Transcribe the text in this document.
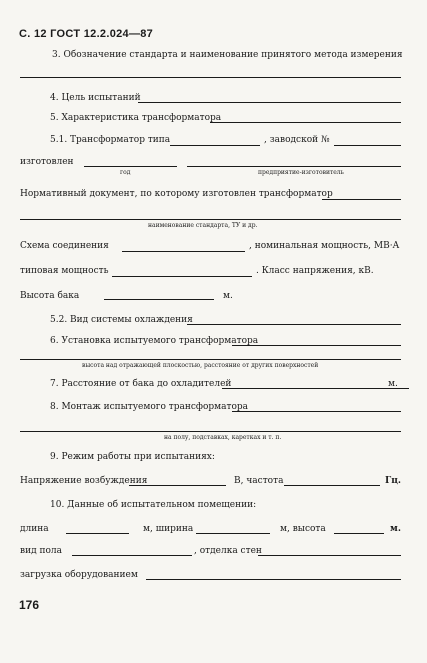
С. 12 ГОСТ 12.2.024—87
3. Обозначение стандарта и наименование принятого метода измерения
4. Цель испытаний
5. Характеристика трансформатора
5.1. Трансформатор типа	, заводской №
изготовлен
год	предприятие-изготовитель
Нормативный документ, по которому изготовлен трансформатор
наименование стандарта, ТУ и др.
Схема соединения	, номинальная мощность, МВ·А
типовая мощность	. Класс напряжения, кВ.
Высота бака	м.
5.2. Вид системы охлаждения
6. Установка испытуемого трансформатора
высота над отражающей плоскостью, расстояние от других поверхностей
7. Расстояние от бака до охладителей	м.
8. Монтаж испытуемого трансформатора
на полу, подставках, каретках и т. п.
9. Режим работы при испытаниях:
Напряжение возбуждения	В, частота	Гц.
10. Данные об испытательном помещении:
длина	м, ширина	м, высота	м.
вид пола	, отделка стен
загрузка оборудованием
176
